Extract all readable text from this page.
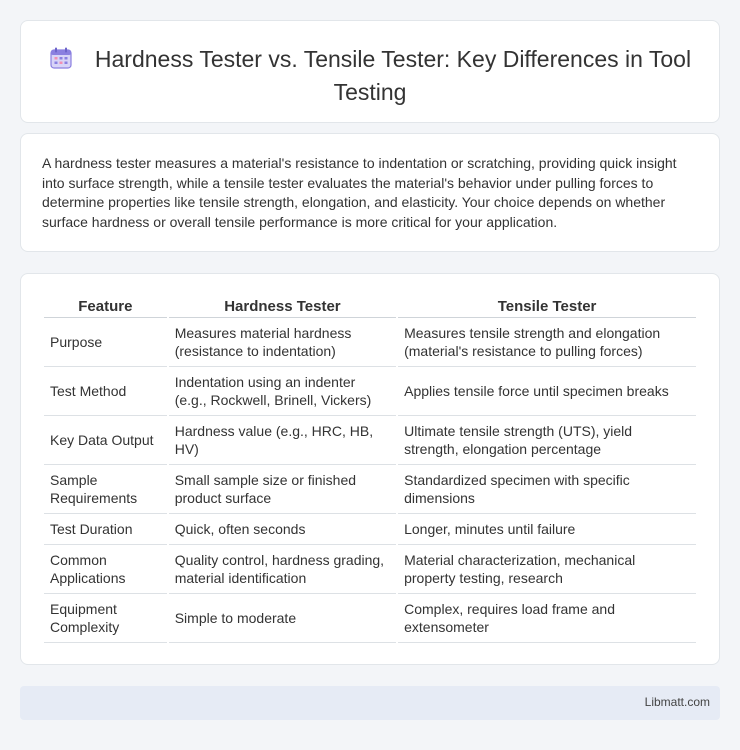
Hardness Tester vs. Tensile Tester: Key Differences in Tool Testing

A hardness tester measures a material's resistance to indentation or scratching, providing quick insight into surface strength, while a tensile tester evaluates the material's behavior under pulling forces to determine properties like tensile strength, elongation, and elasticity. Your choice depends on whether surface hardness or overall tensile performance is more critical for your application.

Feature	Hardness Tester	Tensile Tester
Purpose	Measures material hardness (resistance to indentation)	Measures tensile strength and elongation (material's resistance to pulling forces)
Test Method	Indentation using an indenter (e.g., Rockwell, Brinell, Vickers)	Applies tensile force until specimen breaks
Key Data Output	Hardness value (e.g., HRC, HB, HV)	Ultimate tensile strength (UTS), yield strength, elongation percentage
Sample Requirements	Small sample size or finished product surface	Standardized specimen with specific dimensions
Test Duration	Quick, often seconds	Longer, minutes until failure
Common Applications	Quality control, hardness grading, material identification	Material characterization, mechanical property testing, research
Equipment Complexity	Simple to moderate	Complex, requires load frame and extensometer
Libmatt.com
